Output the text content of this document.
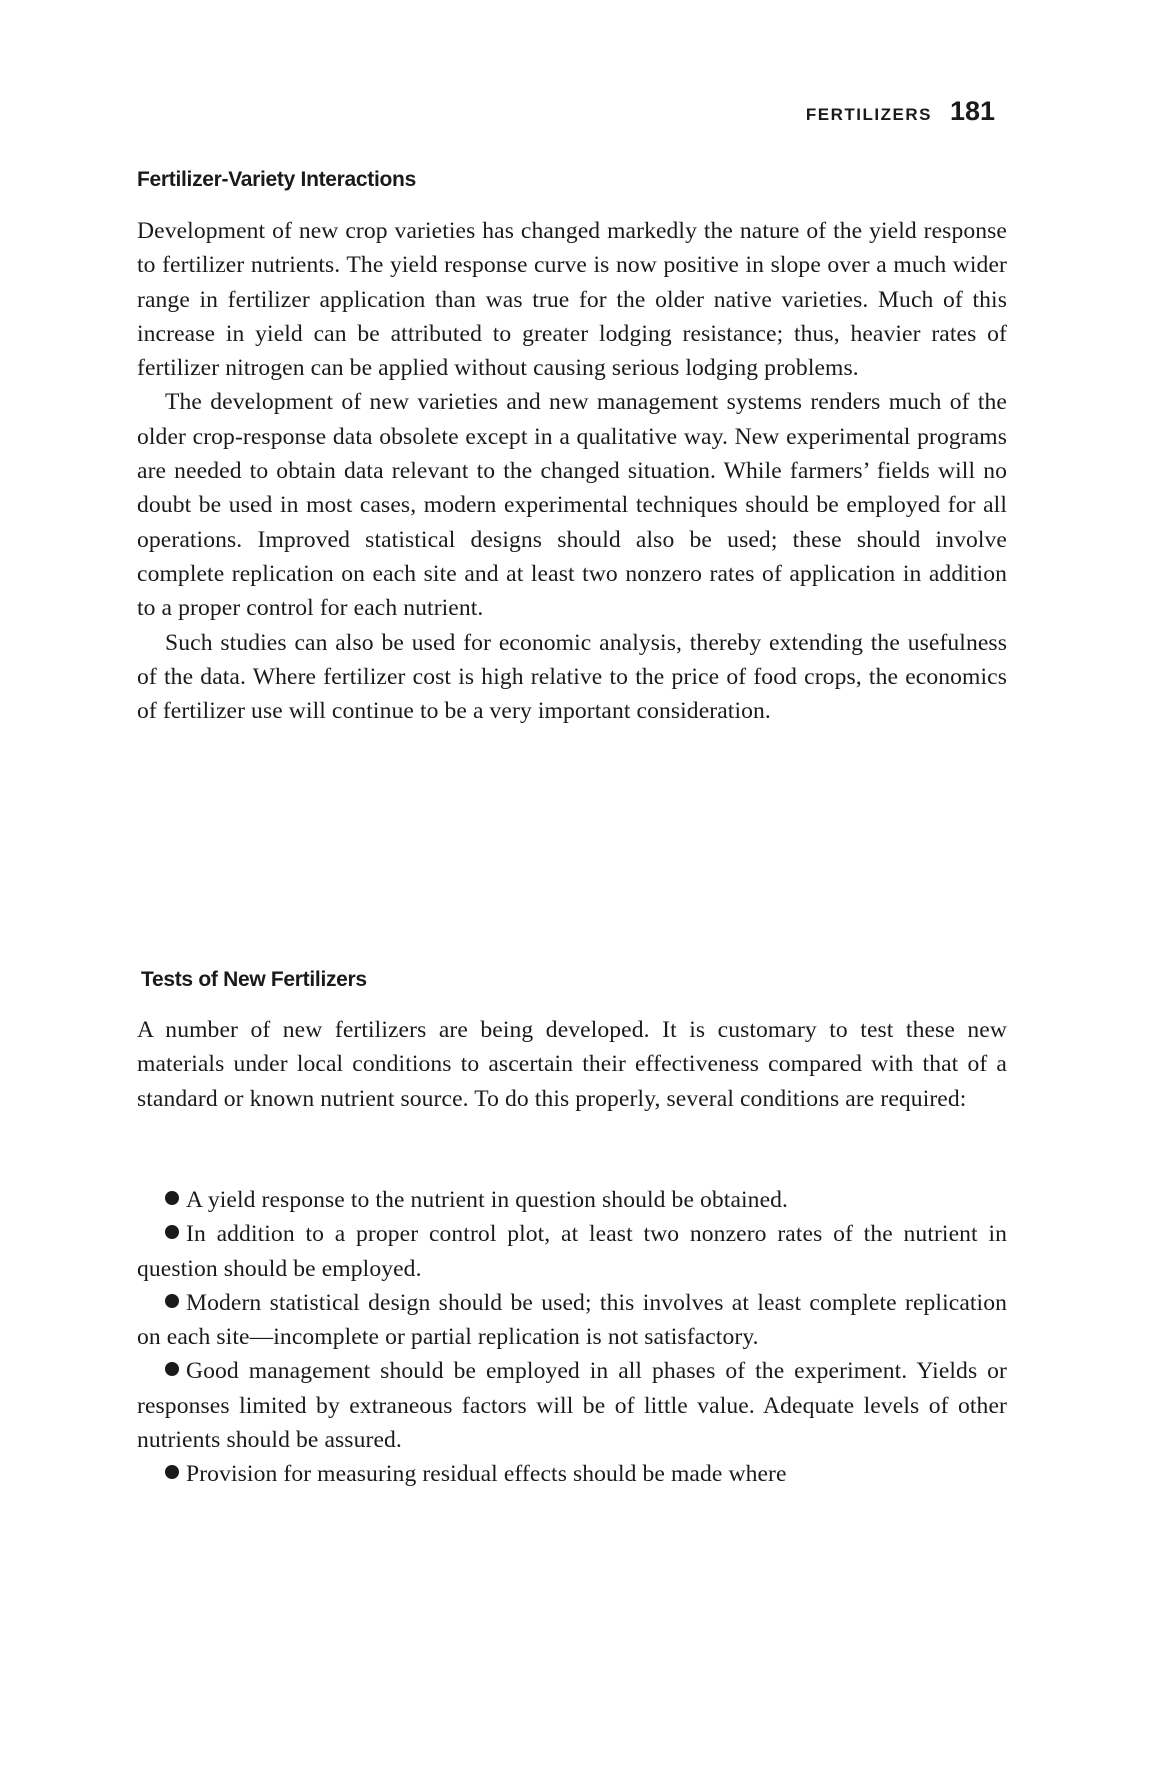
FERTILIZERS 181
Fertilizer-Variety Interactions

Development of new crop varieties has changed markedly the nature of the yield response to fertilizer nutrients. The yield response curve is now positive in slope over a much wider range in fertilizer application than was true for the older native varieties. Much of this increase in yield can be attributed to greater lodging resistance; thus, heavier rates of fertilizer nitrogen can be applied without causing serious lodging problems.

The development of new varieties and new management systems renders much of the older crop-response data obsolete except in a qualitative way. New experimental programs are needed to obtain data relevant to the changed situation. While farmers’ fields will no doubt be used in most cases, modern experimental techniques should be employed for all operations. Improved statistical designs should also be used; these should involve complete replication on each site and at least two nonzero rates of application in addition to a proper control for each nutrient.

Such studies can also be used for economic analysis, thereby extending the usefulness of the data. Where fertilizer cost is high relative to the price of food crops, the economics of fertilizer use will continue to be a very important consideration.

Tests of New Fertilizers

A number of new fertilizers are being developed. It is customary to test these new materials under local conditions to ascertain their effectiveness compared with that of a standard or known nutrient source. To do this properly, several conditions are required:

A yield response to the nutrient in question should be obtained.

In addition to a proper control plot, at least two nonzero rates of the nutrient in question should be employed.

Modern statistical design should be used; this involves at least complete replication on each site—incomplete or partial replication is not satisfactory.

Good management should be employed in all phases of the experiment. Yields or responses limited by extraneous factors will be of little value. Adequate levels of other nutrients should be assured.

Provision for measuring residual effects should be made where
